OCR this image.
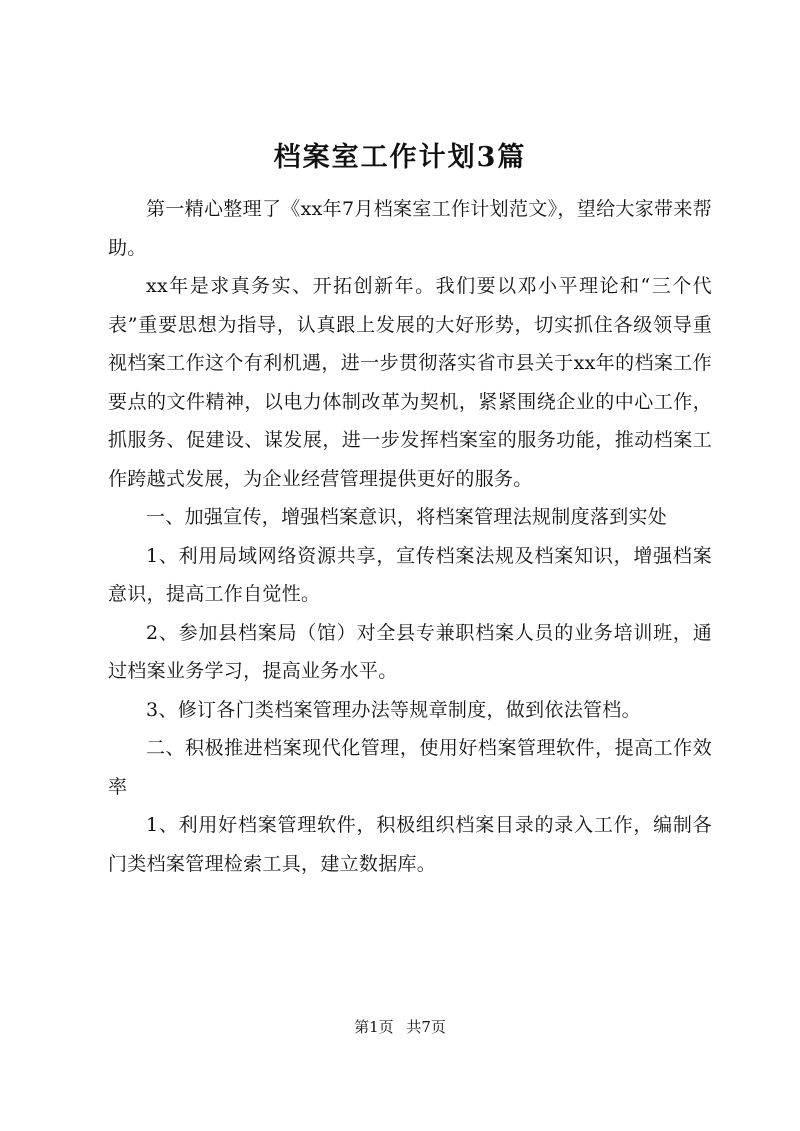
档案室工作计划3篇

第一精心整理了《xx年7月档案室工作计划范文》，望给大家带来帮助。

xx年是求真务实、开拓创新年。我们要以邓小平理论和“三个代表”重要思想为指导，认真跟上发展的大好形势，切实抓住各级领导重视档案工作这个有利机遇，进一步贯彻落实省市县关于xx年的档案工作要点的文件精神，以电力体制改革为契机，紧紧围绕企业的中心工作，抓服务、促建设、谋发展，进一步发挥档案室的服务功能，推动档案工作跨越式发展，为企业经营管理提供更好的服务。

一、加强宣传，增强档案意识，将档案管理法规制度落到实处

1、利用局域网络资源共享，宣传档案法规及档案知识，增强档案意识，提高工作自觉性。

2、参加县档案局（馆）对全县专兼职档案人员的业务培训班，通过档案业务学习，提高业务水平。

3、修订各门类档案管理办法等规章制度，做到依法管档。

二、积极推进档案现代化管理，使用好档案管理软件，提高工作效率

1、利用好档案管理软件，积极组织档案目录的录入工作，编制各门类档案管理检索工具，建立数据库。

第1页 共7页
